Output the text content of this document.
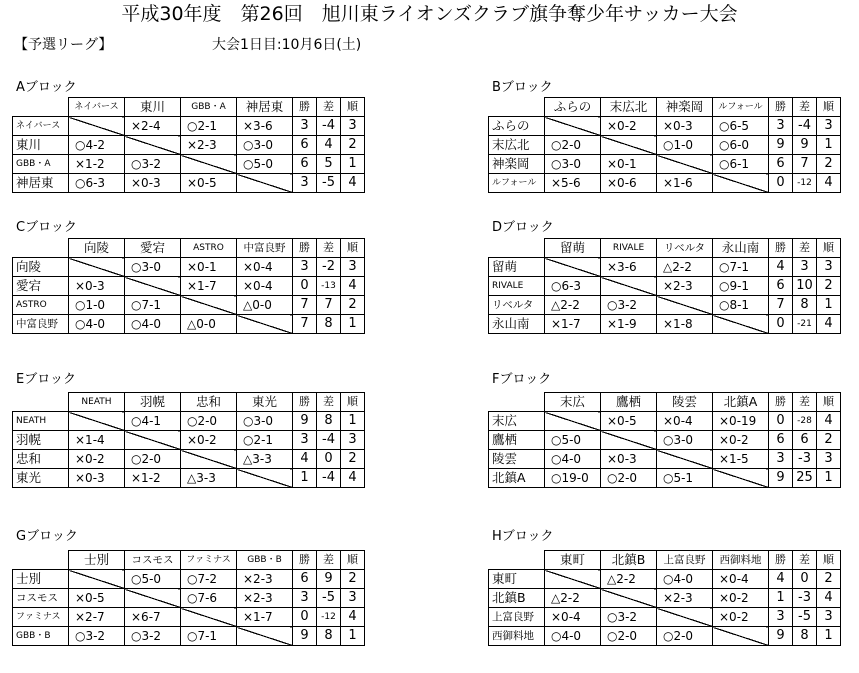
平成30年度　第26回　旭川東ライオンズクラブ旗争奪少年サッカー大会
【予選リーグ】	大会1日目:10月6日(土)
Aブロック
	ネイバース	東川	GBB・A	神居東	勝	差	順
ネイバース		×2-4	○2-1	×3-6	3	-4	3
東川	○4-2		×2-3	○3-0	6	4	2
GBB・A	×1-2	○3-2		○5-0	6	5	1
神居東	○6-3	×0-3	×0-5		3	-5	4
Bブロック
	ふらの	末広北	神楽岡	ルフォール	勝	差	順
ふらの		×0-2	×0-3	○6-5	3	-4	3
末広北	○2-0		○1-0	○6-0	9	9	1
神楽岡	○3-0	×0-1		○6-1	6	7	2
ルフォール	×5-6	×0-6	×1-6		0	-12	4
Cブロック
	向陵	愛宕	ASTRO	中富良野	勝	差	順
向陵		○3-0	×0-1	×0-4	3	-2	3
愛宕	×0-3		×1-7	×0-4	0	-13	4
ASTRO	○1-0	○7-1		△0-0	7	7	2
中富良野	○4-0	○4-0	△0-0		7	8	1
Dブロック
	留萌	RIVALE	リベルタ	永山南	勝	差	順
留萌		×3-6	△2-2	○7-1	4	3	3
RIVALE	○6-3		×2-3	○9-1	6	10	2
リベルタ	△2-2	○3-2		○8-1	7	8	1
永山南	×1-7	×1-9	×1-8		0	-21	4
Eブロック
	NEATH	羽幌	忠和	東光	勝	差	順
NEATH		○4-1	○2-0	○3-0	9	8	1
羽幌	×1-4		×0-2	○2-1	3	-4	3
忠和	×0-2	○2-0		△3-3	4	0	2
東光	×0-3	×1-2	△3-3		1	-4	4
Fブロック
	末広	鷹栖	陵雲	北鎮A	勝	差	順
末広		×0-5	×0-4	×0-19	0	-28	4
鷹栖	○5-0		○3-0	×0-2	6	6	2
陵雲	○4-0	×0-3		×1-5	3	-3	3
北鎮A	○19-0	○2-0	○5-1		9	25	1
Gブロック
	士別	コスモス	ファミナス	GBB・B	勝	差	順
士別		○5-0	○7-2	×2-3	6	9	2
コスモス	×0-5		○7-6	×2-3	3	-5	3
ファミナス	×2-7	×6-7		×1-7	0	-12	4
GBB・B	○3-2	○3-2	○7-1		9	8	1
Hブロック
	東町	北鎮B	上富良野	西御料地	勝	差	順
東町		△2-2	○4-0	×0-4	4	0	2
北鎮B	△2-2		×2-3	×0-2	1	-3	4
上富良野	×0-4	○3-2		×0-2	3	-5	3
西御料地	○4-0	○2-0	○2-0		9	8	1
